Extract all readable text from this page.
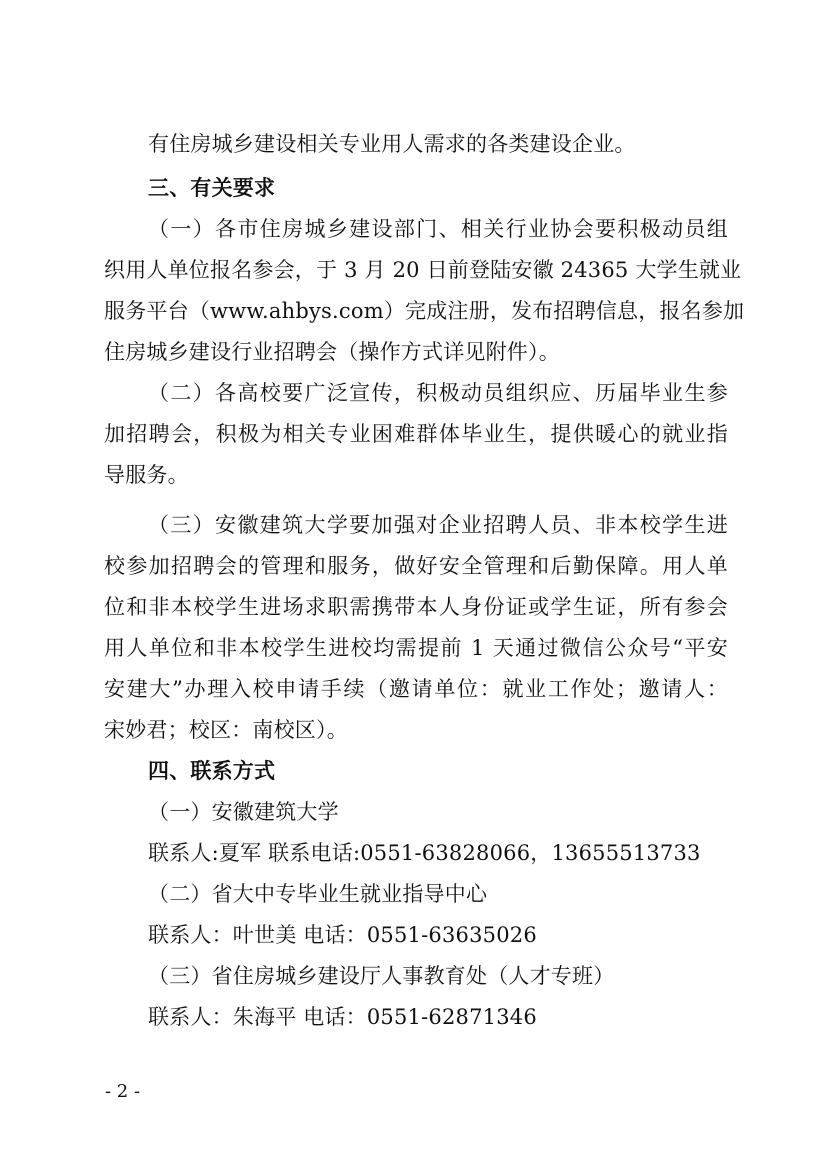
有住房城乡建设相关专业用人需求的各类建设企业。
三、有关要求
（一）各市住房城乡建设部门、相关行业协会要积极动员组
织用人单位报名参会，于 3 月 20 日前登陆安徽 24365 大学生就业
服务平台（www.ahbys.com）完成注册，发布招聘信息，报名参加
住房城乡建设行业招聘会（操作方式详见附件）。
（二）各高校要广泛宣传，积极动员组织应、历届毕业生参
加招聘会，积极为相关专业困难群体毕业生，提供暖心的就业指
导服务。
（三）安徽建筑大学要加强对企业招聘人员、非本校学生进
校参加招聘会的管理和服务，做好安全管理和后勤保障。用人单
位和非本校学生进场求职需携带本人身份证或学生证，所有参会
用人单位和非本校学生进校均需提前 1 天通过微信公众号“平安
安建大”办理入校申请手续（邀请单位：就业工作处；邀请人：
宋妙君；校区：南校区）。
四、联系方式
（一）安徽建筑大学
联系人:夏军 联系电话:0551-63828066，13655513733
（二）省大中专毕业生就业指导中心
联系人：叶世美 电话：0551-63635026
（三）省住房城乡建设厅人事教育处（人才专班）
联系人：朱海平 电话：0551-62871346
- 2 -
